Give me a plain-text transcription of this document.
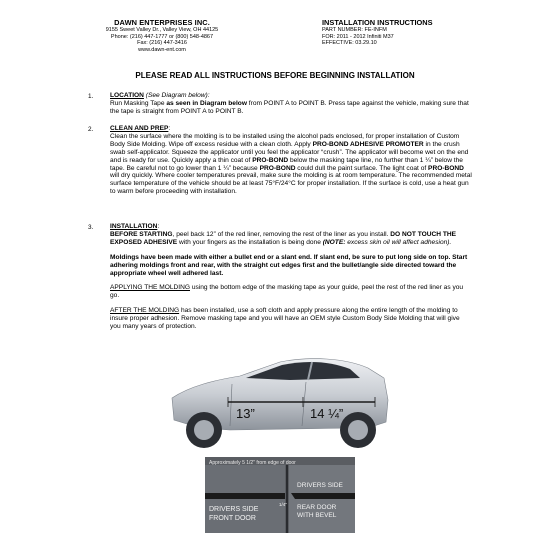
DAWN ENTERPRISES INC.
9155 Sweet Valley Dr., Valley View, OH 44125
Phone: (216) 447-1777 or (800) 548-4867
Fax: (216) 447-3416
www.dawn-ent.com
INSTALLATION INSTRUCTIONS
PART NUMBER: FE-INFM
FOR: 2011 - 2012 Infiniti M37
EFFECTIVE: 03.29.10
PLEASE READ ALL INSTRUCTIONS BEFORE BEGINNING INSTALLATION
1.	LOCATION (See Diagram below):

Run Masking Tape as seen in Diagram below from POINT A to POINT B. Press tape against the vehicle, making sure that the tape is straight from POINT A to POINT B.

2.	CLEAN AND PREP:

Clean the surface where the molding is to be installed using the alcohol pads enclosed, for proper installation of Custom Body Side Molding. Wipe off excess residue with a clean cloth. Apply PRO-BOND ADHESIVE PROMOTER in the crush swab self-applicator. Squeeze the applicator until you feel the applicator “crush”. The applicator will become wet on the end and is ready for use. Quickly apply a thin coat of PRO-BOND below the masking tape line, no further than 1 ¼” below the tape. Be careful not to go lower than 1 ¼” because PRO-BOND could dull the paint surface. The light coat of PRO-BOND will dry quickly. Where cooler temperatures prevail, make sure the molding is at room temperature. The recommended metal surface temperature of the vehicle should be at least 75°F/24°C for proper installation. If the surface is cold, use a heat gun to warm before proceeding with installation.

3.	INSTALLATION:

BEFORE STARTING, peel back 12” of the red liner, removing the rest of the liner as you install. DO NOT TOUCH THE EXPOSED ADHESIVE with your fingers as the installation is being done (NOTE: excess skin oil will affect adhesion).

Moldings have been made with either a bullet end or a slant end. If slant end, be sure to put long side on top. Start adhering moldings front and rear, with the straight cut edges first and the bullet/angle side directed toward the appropriate wheel well adhered last.

APPLYING THE MOLDING using the bottom edge of the masking tape as your guide, peel the rest of the red liner as you go.

AFTER THE MOLDING has been installed, use a soft cloth and apply pressure along the entire length of the molding to insure proper adhesion. Remove masking tape and you will have an OEM style Custom Body Side Molding that will give you many years of protection.

13”	14 ¼”
Approximately 5 1/2" from edge of door
DRIVERS SIDE
FRONT DOOR
1/4"
DRIVERS SIDE
REAR DOOR
WITH BEVEL
